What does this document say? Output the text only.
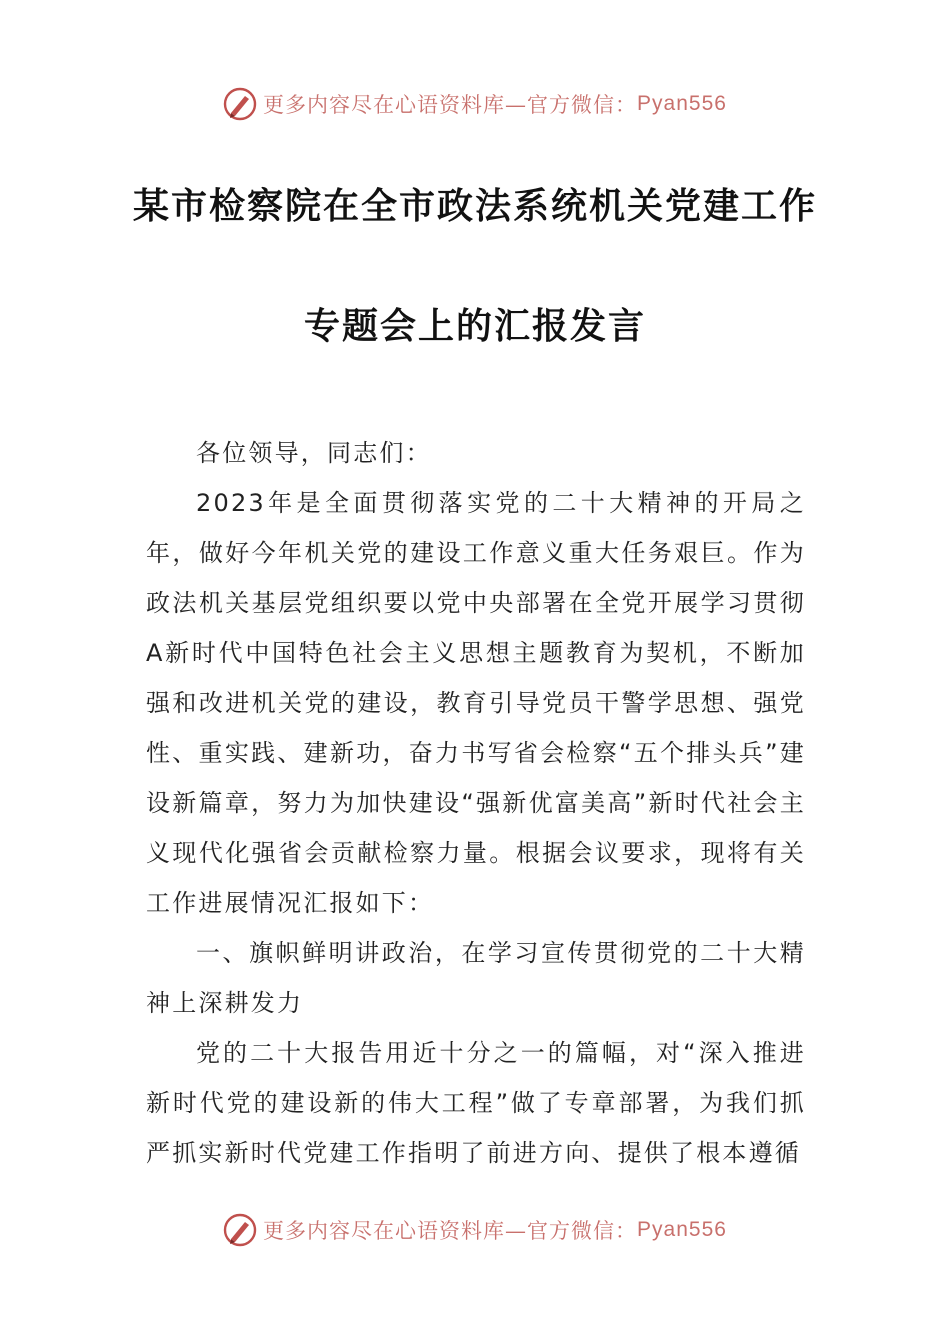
更多内容尽在心语资料库—官方微信： Pyan556
某市检察院在全市政法系统机关党建工作
专题会上的汇报发言

各位领导，同志们：

2023年是全面贯彻落实党的二十大精神的开局之年，做好今年机关党的建设工作意义重大任务艰巨。作为政法机关基层党组织要以党中央部署在全党开展学习贯彻A新时代中国特色社会主义思想主题教育为契机，不断加强和改进机关党的建设，教育引导党员干警学思想、强党性、重实践、建新功，奋力书写省会检察“五个排头兵”建设新篇章，努力为加快建设“强新优富美高”新时代社会主义现代化强省会贡献检察力量。根据会议要求，现将有关工作进展情况汇报如下：

一、旗帜鲜明讲政治，在学习宣传贯彻党的二十大精神上深耕发力

党的二十大报告用近十分之一的篇幅，对“深入推进新时代党的建设新的伟大工程”做了专章部署，为我们抓严抓实新时代党建工作指明了前进方向、提供了根本遵循

更多内容尽在心语资料库—官方微信： Pyan556
